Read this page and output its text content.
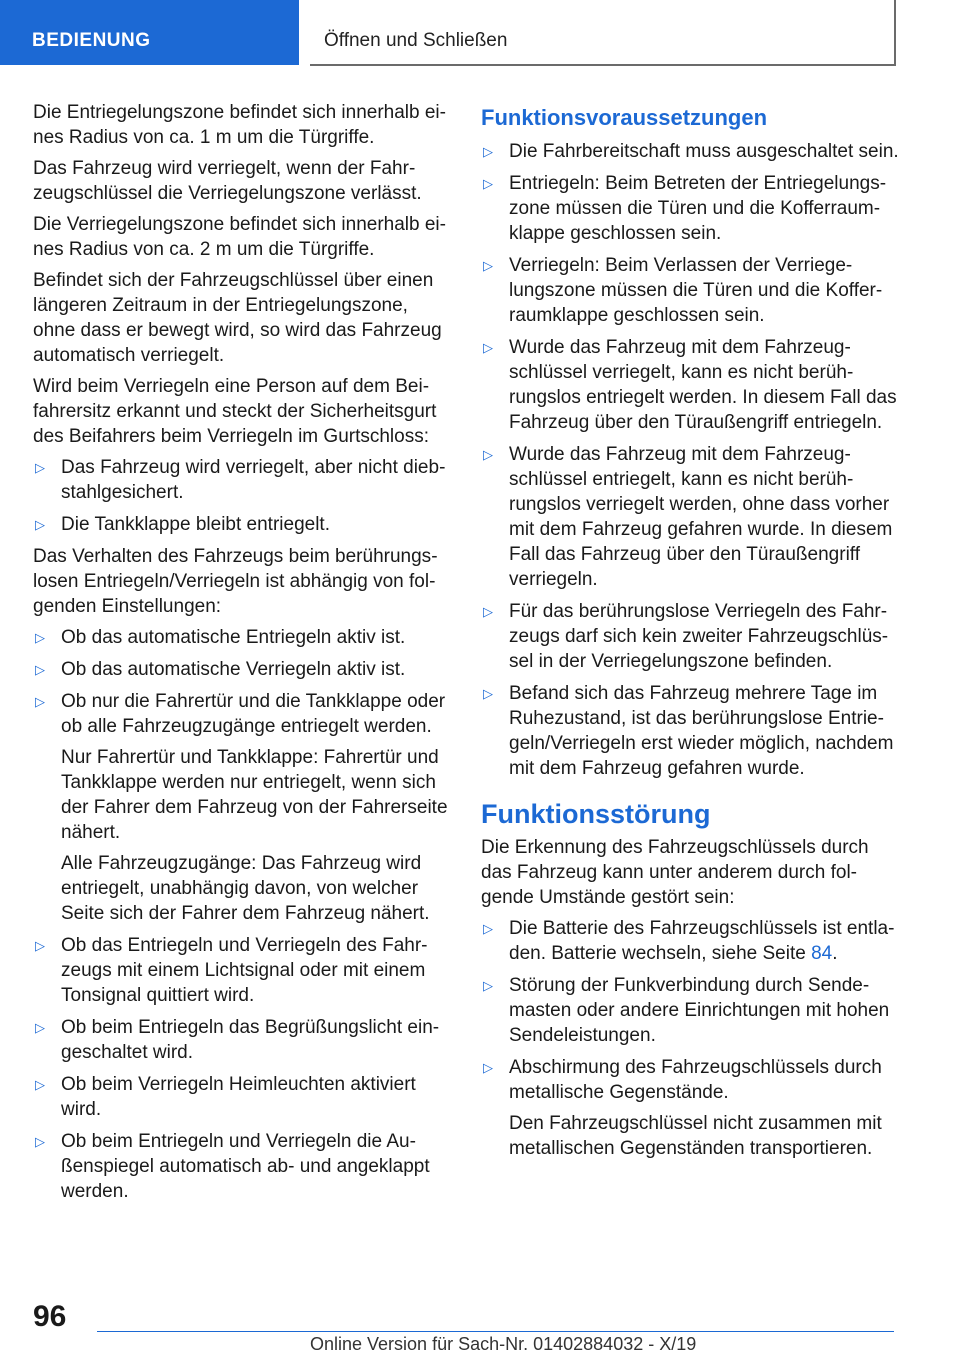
BEDIENUNG	Öffnen und Schließen

Die Entriegelungszone befindet sich innerhalb eines Radius von ca. 1 m um die Türgriffe.

Das Fahrzeug wird verriegelt, wenn der Fahrzeugschlüssel die Verriegelungszone verlässt.

Die Verriegelungszone befindet sich innerhalb eines Radius von ca. 2 m um die Türgriffe.

Befindet sich der Fahrzeugschlüssel über einen längeren Zeitraum in der Entriegelungszone, ohne dass er bewegt wird, so wird das Fahrzeug automatisch verriegelt.

Wird beim Verriegeln eine Person auf dem Beifahrersitz erkannt und steckt der Sicherheitsgurt des Beifahrers beim Verriegeln im Gurtschloss:

▷ Das Fahrzeug wird verriegelt, aber nicht diebstahlgesichert.
▷ Die Tankklappe bleibt entriegelt.

Das Verhalten des Fahrzeugs beim berührungslosen Entriegeln/Verriegeln ist abhängig von folgenden Einstellungen:

▷ Ob das automatische Entriegeln aktiv ist.
▷ Ob das automatische Verriegeln aktiv ist.
▷ Ob nur die Fahrertür und die Tankklappe oder ob alle Fahrzeugzugänge entriegelt werden.

Nur Fahrertür und Tankklappe: Fahrertür und Tankklappe werden nur entriegelt, wenn sich der Fahrer dem Fahrzeug von der Fahrerseite nähert.

Alle Fahrzeugzugänge: Das Fahrzeug wird entriegelt, unabhängig davon, von welcher Seite sich der Fahrer dem Fahrzeug nähert.

▷ Ob das Entriegeln und Verriegeln des Fahrzeugs mit einem Lichtsignal oder mit einem Tonsignal quittiert wird.
▷ Ob beim Entriegeln das Begrüßungslicht eingeschaltet wird.
▷ Ob beim Verriegeln Heimleuchten aktiviert wird.
▷ Ob beim Entriegeln und Verriegeln die Außenspiegel automatisch ab- und angeklappt werden.
Funktionsvoraussetzungen
▷ Die Fahrbereitschaft muss ausgeschaltet sein.
▷ Entriegeln: Beim Betreten der Entriegelungszone müssen die Türen und die Kofferraumklappe geschlossen sein.
▷ Verriegeln: Beim Verlassen der Verriegelungszone müssen die Türen und die Kofferraumklappe geschlossen sein.
▷ Wurde das Fahrzeug mit dem Fahrzeugschlüssel verriegelt, kann es nicht berührungslos entriegelt werden. In diesem Fall das Fahrzeug über den Türaußengriff entriegeln.
▷ Wurde das Fahrzeug mit dem Fahrzeugschlüssel entriegelt, kann es nicht berührungslos verriegelt werden, ohne dass vorher mit dem Fahrzeug gefahren wurde. In diesem Fall das Fahrzeug über den Türaußengriff verriegeln.
▷ Für das berührungslose Verriegeln des Fahrzeugs darf sich kein zweiter Fahrzeugschlüssel in der Verriegelungszone befinden.
▷ Befand sich das Fahrzeug mehrere Tage im Ruhezustand, ist das berührungslose Entriegeln/Verriegeln erst wieder möglich, nachdem mit dem Fahrzeug gefahren wurde.
Funktionsstörung

Die Erkennung des Fahrzeugschlüssels durch das Fahrzeug kann unter anderem durch folgende Umstände gestört sein:

▷ Die Batterie des Fahrzeugschlüssels ist entladen. Batterie wechseln, siehe Seite 84.
▷ Störung der Funkverbindung durch Sendemasten oder andere Einrichtungen mit hohen Sendeleistungen.
▷ Abschirmung des Fahrzeugschlüssels durch metallische Gegenstände.

Den Fahrzeugschlüssel nicht zusammen mit metallischen Gegenständen transportieren.

96
Online Version für Sach-Nr. 01402884032 - X/19
